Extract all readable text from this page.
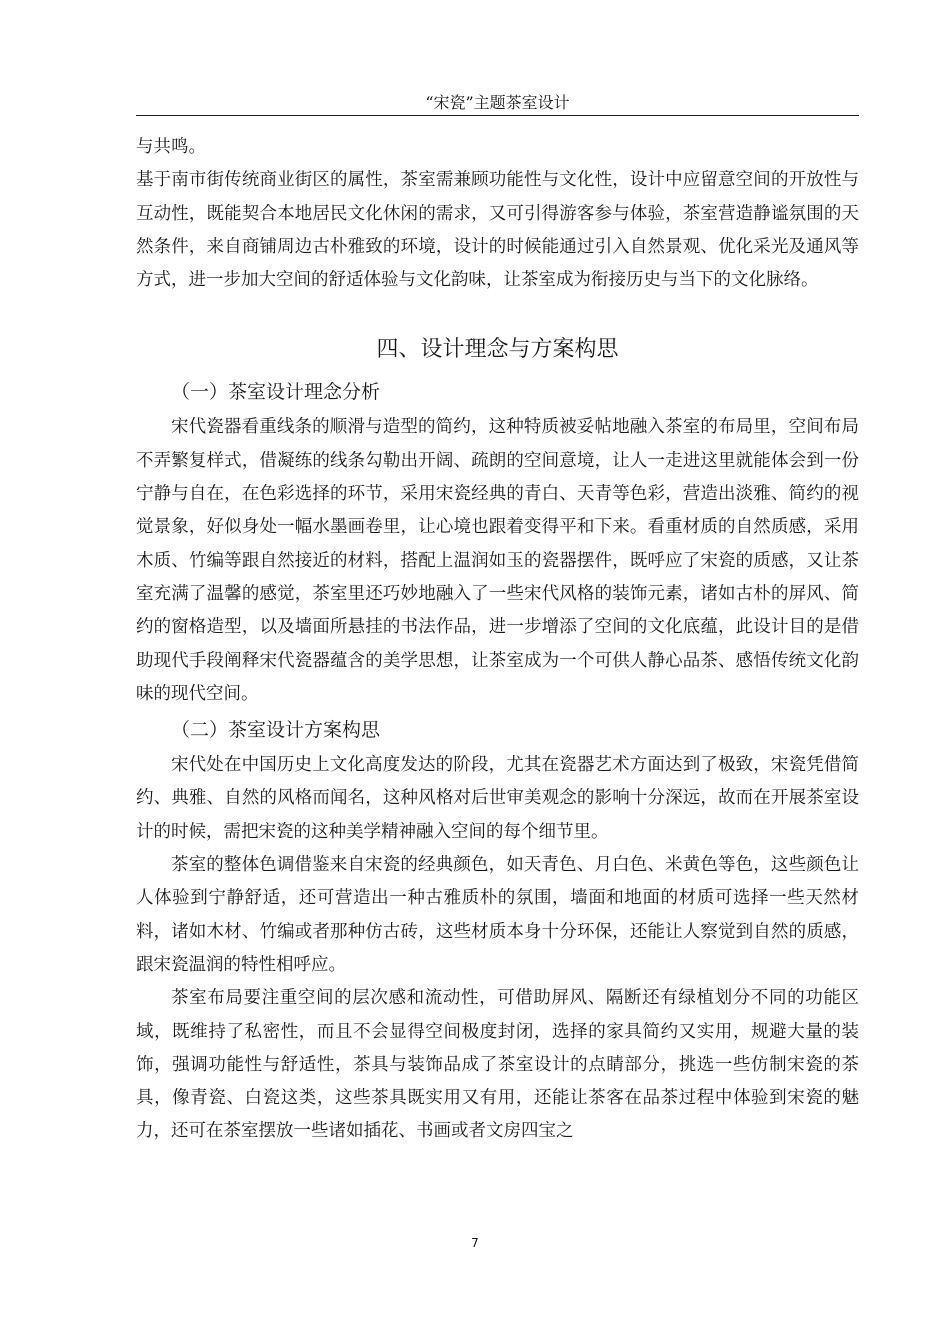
“宋瓷”主题茶室设计

与共鸣。

基于南市街传统商业街区的属性，茶室需兼顾功能性与文化性，设计中应留意空间的开放性与互动性，既能契合本地居民文化休闲的需求，又可引得游客参与体验，茶室营造静谧氛围的天然条件，来自商铺周边古朴雅致的环境，设计的时候能通过引入自然景观、优化采光及通风等方式，进一步加大空间的舒适体验与文化韵味，让茶室成为衔接历史与当下的文化脉络。

四、设计理念与方案构思
（一）茶室设计理念分析

宋代瓷器看重线条的顺滑与造型的简约，这种特质被妥帖地融入茶室的布局里，空间布局不弄繁复样式，借凝练的线条勾勒出开阔、疏朗的空间意境，让人一走进这里就能体会到一份宁静与自在，在色彩选择的环节，采用宋瓷经典的青白、天青等色彩，营造出淡雅、简约的视觉景象，好似身处一幅水墨画卷里，让心境也跟着变得平和下来。看重材质的自然质感，采用木质、竹编等跟自然接近的材料，搭配上温润如玉的瓷器摆件，既呼应了宋瓷的质感，又让茶室充满了温馨的感觉，茶室里还巧妙地融入了一些宋代风格的装饰元素，诸如古朴的屏风、简约的窗格造型，以及墙面所悬挂的书法作品，进一步增添了空间的文化底蕴，此设计目的是借助现代手段阐释宋代瓷器蕴含的美学思想，让茶室成为一个可供人静心品茶、感悟传统文化韵味的现代空间。

（二）茶室设计方案构思

宋代处在中国历史上文化高度发达的阶段，尤其在瓷器艺术方面达到了极致，宋瓷凭借简约、典雅、自然的风格而闻名，这种风格对后世审美观念的影响十分深远，故而在开展茶室设计的时候，需把宋瓷的这种美学精神融入空间的每个细节里。

茶室的整体色调借鉴来自宋瓷的经典颜色，如天青色、月白色、米黄色等色，这些颜色让人体验到宁静舒适，还可营造出一种古雅质朴的氛围，墙面和地面的材质可选择一些天然材料，诸如木材、竹编或者那种仿古砖，这些材质本身十分环保，还能让人察觉到自然的质感，跟宋瓷温润的特性相呼应。

茶室布局要注重空间的层次感和流动性，可借助屏风、隔断还有绿植划分不同的功能区域，既维持了私密性，而且不会显得空间极度封闭，选择的家具简约又实用，规避大量的装饰，强调功能性与舒适性，茶具与装饰品成了茶室设计的点睛部分，挑选一些仿制宋瓷的茶具，像青瓷、白瓷这类，这些茶具既实用又有用，还能让茶客在品茶过程中体验到宋瓷的魅力，还可在茶室摆放一些诸如插花、书画或者文房四宝之

7
